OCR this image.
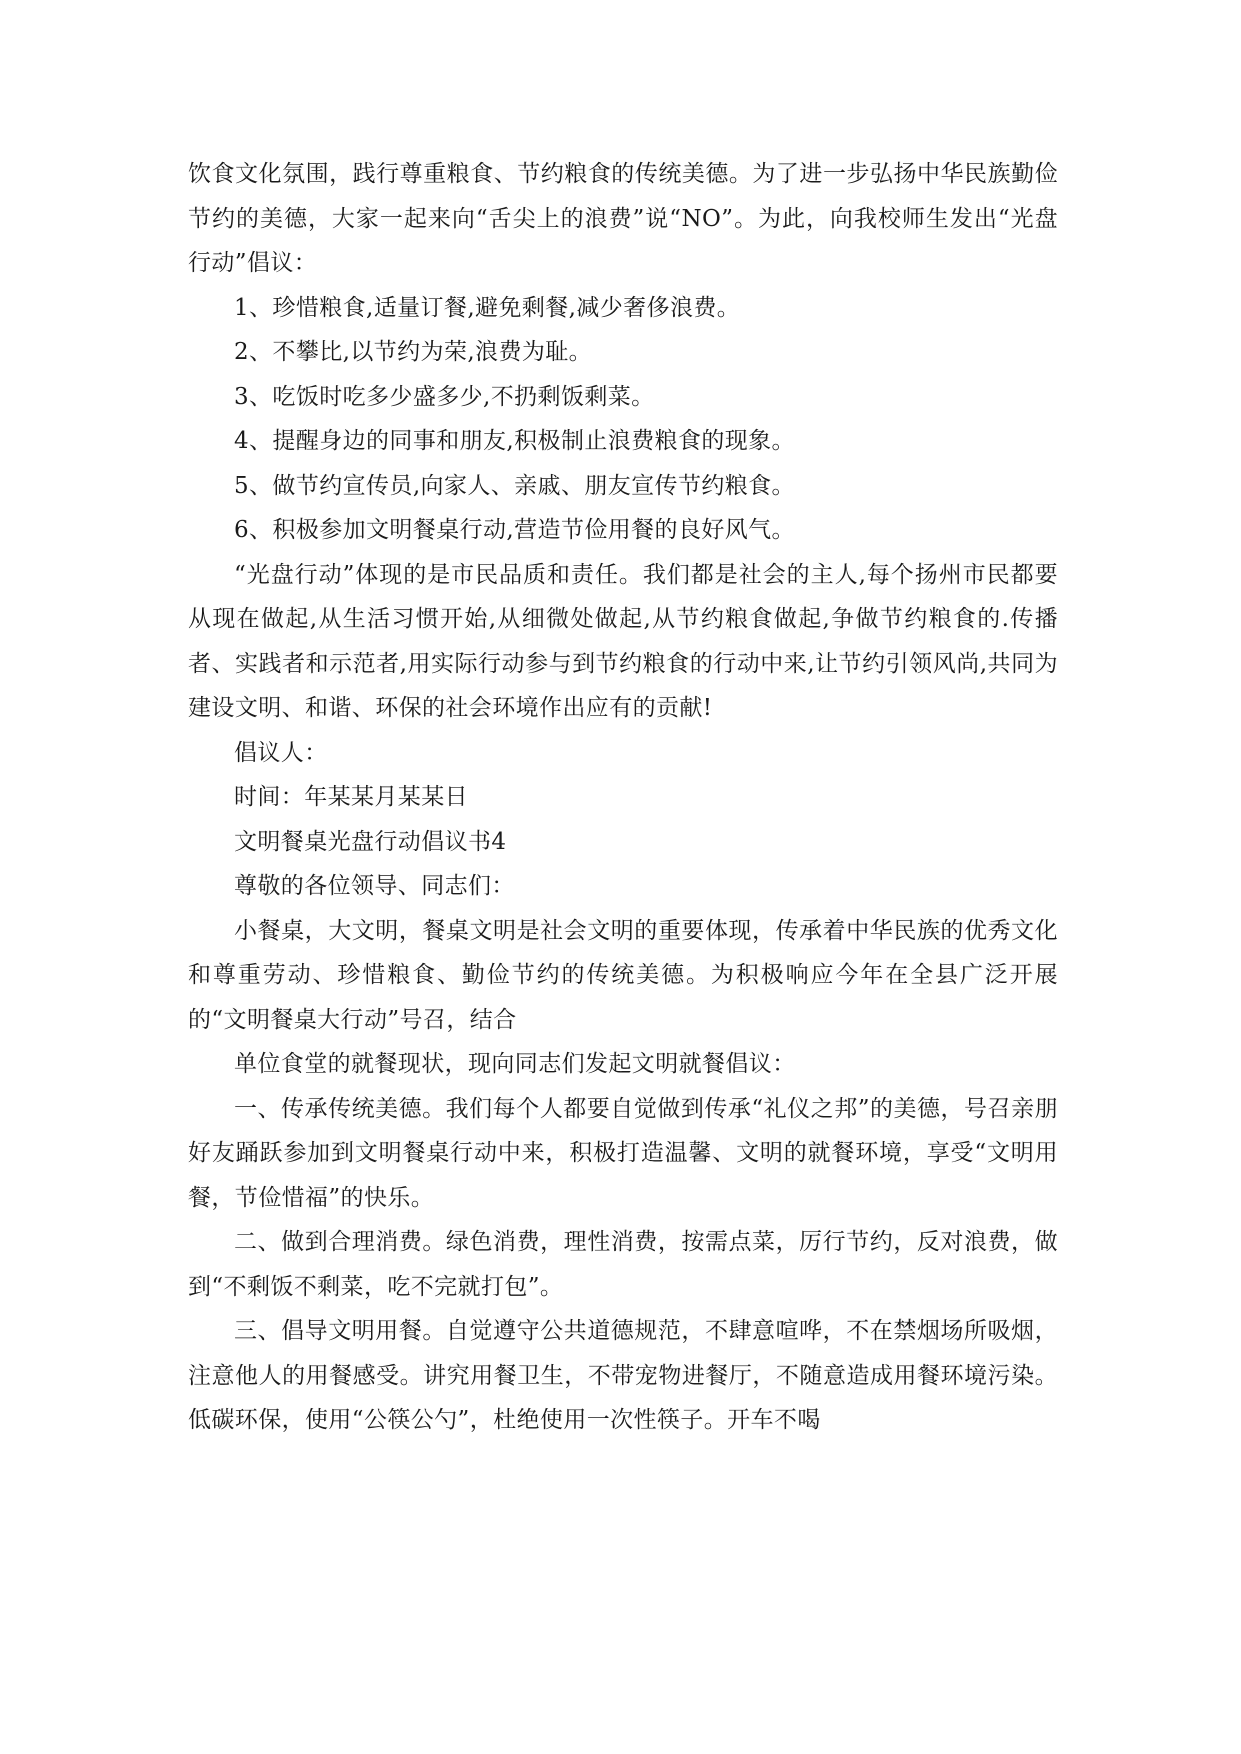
饮食文化氛围，践行尊重粮食、节约粮食的传统美德。为了进一步弘扬中华民族勤俭节约的美德，大家一起来向“舌尖上的浪费”说“NO”。为此，向我校师生发出“光盘行动”倡议：

1、珍惜粮食,适量订餐,避免剩餐,减少奢侈浪费。

2、不攀比,以节约为荣,浪费为耻。

3、吃饭时吃多少盛多少,不扔剩饭剩菜。

4、提醒身边的同事和朋友,积极制止浪费粮食的现象。

5、做节约宣传员,向家人、亲戚、朋友宣传节约粮食。

6、积极参加文明餐桌行动,营造节俭用餐的良好风气。

“光盘行动”体现的是市民品质和责任。我们都是社会的主人,每个扬州市民都要从现在做起,从生活习惯开始,从细微处做起,从节约粮食做起,争做节约粮食的.传播者、实践者和示范者,用实际行动参与到节约粮食的行动中来,让节约引领风尚,共同为建设文明、和谐、环保的社会环境作出应有的贡献!

倡议人：

时间：年某某月某某日

文明餐桌光盘行动倡议书4

尊敬的各位领导、同志们：

小餐桌，大文明，餐桌文明是社会文明的重要体现，传承着中华民族的优秀文化和尊重劳动、珍惜粮食、勤俭节约的传统美德。为积极响应今年在全县广泛开展的“文明餐桌大行动”号召，结合

单位食堂的就餐现状，现向同志们发起文明就餐倡议：

一、传承传统美德。我们每个人都要自觉做到传承“礼仪之邦”的美德，号召亲朋好友踊跃参加到文明餐桌行动中来，积极打造温馨、文明的就餐环境，享受“文明用餐，节俭惜福”的快乐。

二、做到合理消费。绿色消费，理性消费，按需点菜，厉行节约，反对浪费，做到“不剩饭不剩菜，吃不完就打包”。

三、倡导文明用餐。自觉遵守公共道德规范，不肆意喧哗，不在禁烟场所吸烟，注意他人的用餐感受。讲究用餐卫生，不带宠物进餐厅，不随意造成用餐环境污染。低碳环保，使用“公筷公勺”，杜绝使用一次性筷子。开车不喝
